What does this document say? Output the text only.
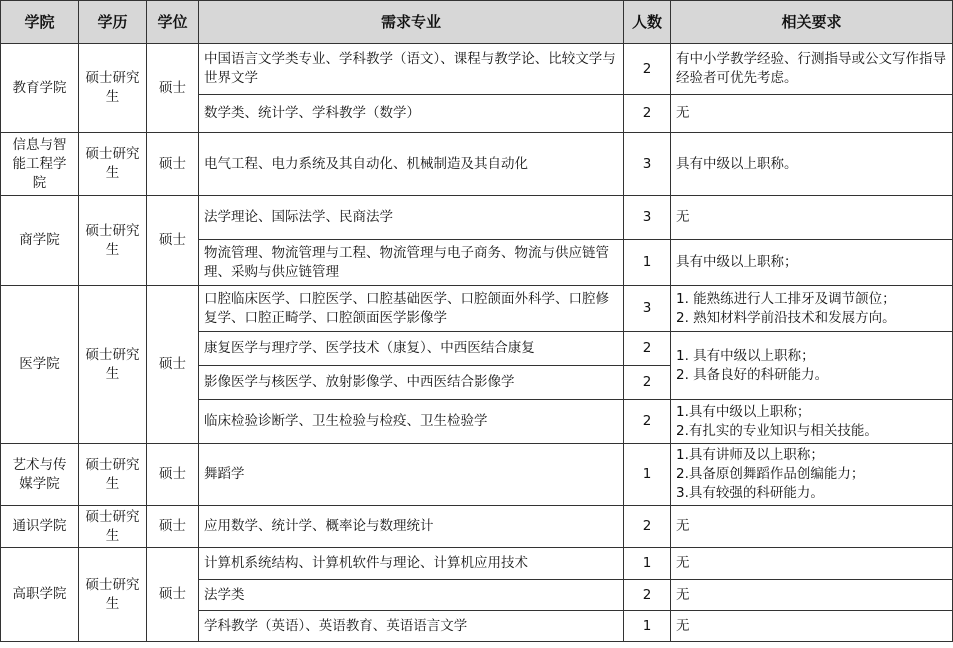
学院	学历	学位	需求专业	人数	相关要求
教育学院	硕士研究生	硕士	中国语言文学类专业、学科教学（语文）、课程与教学论、比较文学与世界文学	2	有中小学教学经验、行测指导或公文写作指导经验者可优先考虑。
			数学类、统计学、学科教学（数学）	2	无
信息与智能工程学院	硕士研究生	硕士	电气工程、电力系统及其自动化、机械制造及其自动化	3	具有中级以上职称。
商学院	硕士研究生	硕士	法学理论、国际法学、民商法学	3	无
			物流管理、物流管理与工程、物流管理与电子商务、物流与供应链管理、采购与供应链管理	1	具有中级以上职称；
医学院	硕士研究生	硕士	口腔临床医学、口腔医学、口腔基础医学、口腔颌面外科学、口腔修复学、口腔正畸学、口腔颌面医学影像学	3	1. 能熟练进行人工排牙及调节颌位；
2. 熟知材料学前沿技术和发展方向。

			康复医学与理疗学、医学技术（康复）、中西医结合康复	2	1. 具有中级以上职称；
2. 具备良好的科研能力。

			影像医学与核医学、放射影像学、中西医结合影像学	2	
			临床检验诊断学、卫生检验与检疫、卫生检验学	2	1.具有中级以上职称；
2.有扎实的专业知识与相关技能。

艺术与传媒学院	硕士研究生	硕士	舞蹈学	1	1.具有讲师及以上职称；
2.具备原创舞蹈作品创编能力；
3.具有较强的科研能力。

通识学院	硕士研究生	硕士	应用数学、统计学、概率论与数理统计	2	无
高职学院	硕士研究生	硕士	计算机系统结构、计算机软件与理论、计算机应用技术	1	无
			法学类	2	无
			学科教学（英语）、英语教育、英语语言文学	1	无
